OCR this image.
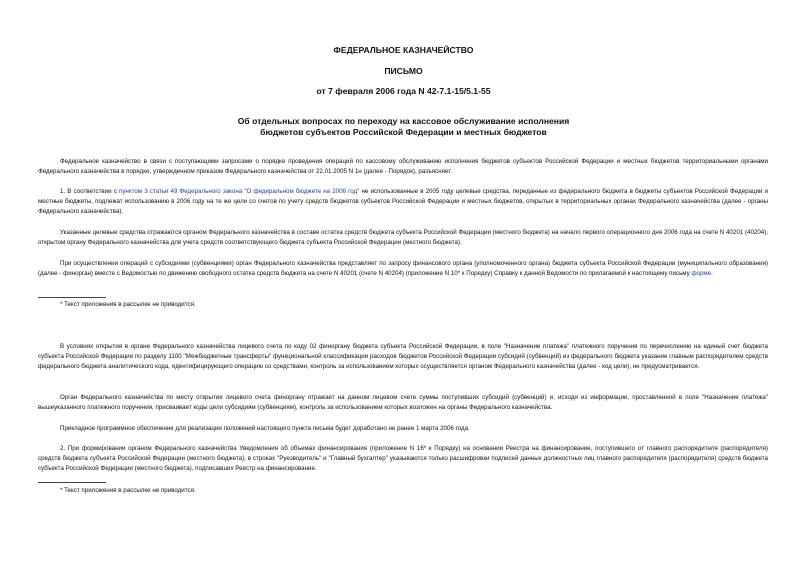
ФЕДЕРАЛЬНОЕ КАЗНАЧЕЙСТВО
ПИСЬМО
от 7 февраля 2006 года N 42-7.1-15/5.1-55
Об отдельных вопросах по переходу на кассовое обслуживание исполнения
бюджетов субъектов Российской Федерации и местных бюджетов

Федеральное казначейство в связи с поступающими запросами о порядке проведения операций по кассовому обслуживанию исполнения бюджетов субъектов Российской Федерации и местных бюджетов территориальными органами Федерального казначейства в порядке, утвержденном приказом Федерального казначейства от 22.01.2005 N 1н (далее - Порядок), разъясняет.

1. В соответствии с пунктом 3 статьи 49 Федерального закона "О федеральном бюджете на 2006 год" не использованные в 2005 году целевые средства, переданные из федерального бюджета в бюджеты субъектов Российской Федерации и местные бюджеты, подлежат использованию в 2006 году на те же цели со счетов по учету средств бюджетов субъектов Российской Федерации и местных бюджетов, открытых в территориальных органах Федерального казначейства (далее - органы Федерального казначейства).

Указанные целевые средства отражаются органом Федерального казначейства в составе остатка средств бюджета субъекта Российской Федерации (местного бюджета) на начало первого операционного дня 2006 года на счете N 40201 (40204), открытом органу Федерального казначейства для учета средств соответствующего бюджета субъекта Российской Федерации (местного бюджета).

При осуществлении операций с субсидиями (субвенциями) орган Федерального казначейства представляет по запросу финансового органа (уполномоченного органа) бюджета субъекта Российской Федерации (муниципального образования) (далее - финорган) вместе с Ведомостью по движению свободного остатка средств бюджета на счете N 40201 (счете N 40204) (приложение N 10* к Порядку) Справку к данной Ведомости по прилагаемой к настоящему письму форме.

* Текст приложения в рассылке не приводится.

В условиях открытия в органе Федерального казначейства лицевого счета по коду 02 финоргану бюджета субъекта Российской Федерации, в поле "Назначение платежа" платежного поручения по перечислению на единый счет бюджета субъекта Российской Федерации по разделу 1100 "Межбюджетные трансферты" функциональной классификации расходов бюджетов Российской Федерации субсидий (субвенций) из федерального бюджета указание главным распорядителем средств федерального бюджета аналитического кода, идентифицирующего операцию со средствами, контроль за использованием которых осуществляется органом Федерального казначейства (далее - код цели), не предусматривается.

Орган Федерального казначейства по месту открытия лицевого счета финоргану отражает на данном лицевом счете суммы поступивших субсидий (субвенций) и, исходя из информации, проставленной в поле "Назначение платежа" вышеуказанного платежного поручения, присваивает коды цели субсидиям (субвенциям), контроль за использованием которых возложен на органы Федерального казначейства.

Прикладное программное обеспечение для реализации положений настоящего пункта письма будет доработано не ранее 1 марта 2006 года.

2. При формировании органом Федерального казначейства Уведомления об объемах финансирования (приложение N 16* к Порядку) на основании Реестра на финансирование, поступившего от главного распорядителя (распорядителя) средств бюджета субъекта Российской Федерации (местного бюджета), в строках "Руководитель" и "Главный бухгалтер" указываются только расшифровки подписей данных должностных лиц главного распорядителя (распорядителя) средств бюджета субъекта Российской Федерации (местного бюджета), подписавших Реестр на финансирование.

* Текст приложения в рассылке не приводится.
